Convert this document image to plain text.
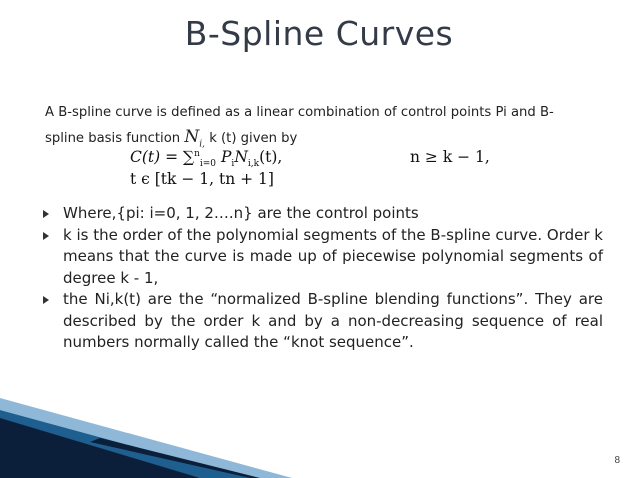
B-Spline Curves
A B-spline curve is defined as a linear combination of control points Pi and B-
spline basis function $N_{i,}$ k (t) given by
C(t) = ∑$^n_{i=0}$ $P_iN_{i,k}(t)$,	n ≥ k − 1,
t ϵ [tk − 1, tn + 1]
Where,{pi: i=0, 1, 2….n} are the control points
k is the order of the polynomial segments of the B-spline curve. Order k means that the curve is made up of piecewise polynomial segments of degree k - 1,
the Ni,k(t) are the “normalized B-spline blending functions”. They are described by the order k and by a non-decreasing sequence of real numbers normally called the “knot sequence”.
8
